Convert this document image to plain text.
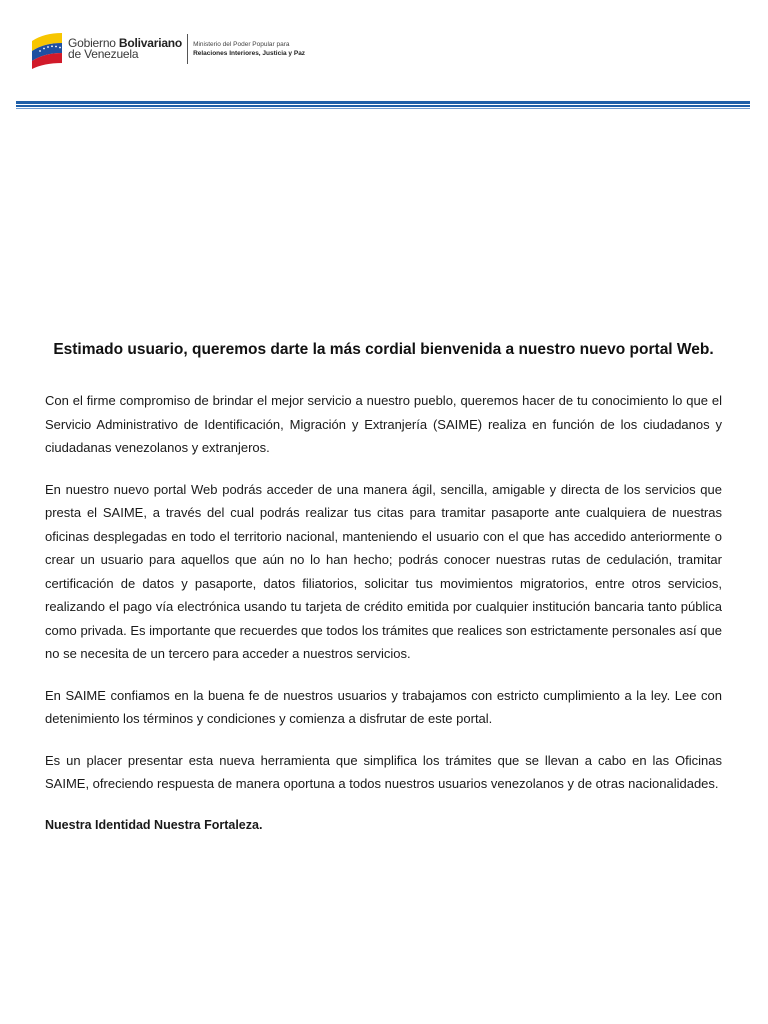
Gobierno Bolivariano
de Venezuela
Ministerio del Poder Popular para
Relaciones Interiores, Justicia y Paz
Estimado usuario, queremos darte la más cordial bienvenida a nuestro nuevo portal Web.

Con el firme compromiso de brindar el mejor servicio a nuestro pueblo, queremos hacer de tu conocimiento lo que el Servicio Administrativo de Identificación, Migración y Extranjería (SAIME) realiza en función de los ciudadanos y ciudadanas venezolanos y extranjeros.

En nuestro nuevo portal Web podrás acceder de una manera ágil, sencilla, amigable y directa de los servicios que presta el SAIME, a través del cual podrás realizar tus citas para tramitar pasaporte ante cualquiera de nuestras oficinas desplegadas en todo el territorio nacional, manteniendo el usuario con el que has accedido anteriormente o crear un usuario para aquellos que aún no lo han hecho; podrás conocer nuestras rutas de cedulación, tramitar certificación de datos y pasaporte, datos filiatorios, solicitar tus movimientos migratorios, entre otros servicios, realizando el pago vía electrónica usando tu tarjeta de crédito emitida por cualquier institución bancaria tanto pública como privada. Es importante que recuerdes que todos los trámites que realices son estrictamente personales así que no se necesita de un tercero para acceder a nuestros servicios.

En SAIME confiamos en la buena fe de nuestros usuarios y trabajamos con estricto cumplimiento a la ley. Lee con detenimiento los términos y condiciones y comienza a disfrutar de este portal.

Es un placer presentar esta nueva herramienta que simplifica los trámites que se llevan a cabo en las Oficinas SAIME, ofreciendo respuesta de manera oportuna a todos nuestros usuarios venezolanos y de otras nacionalidades.

Nuestra Identidad Nuestra Fortaleza.
